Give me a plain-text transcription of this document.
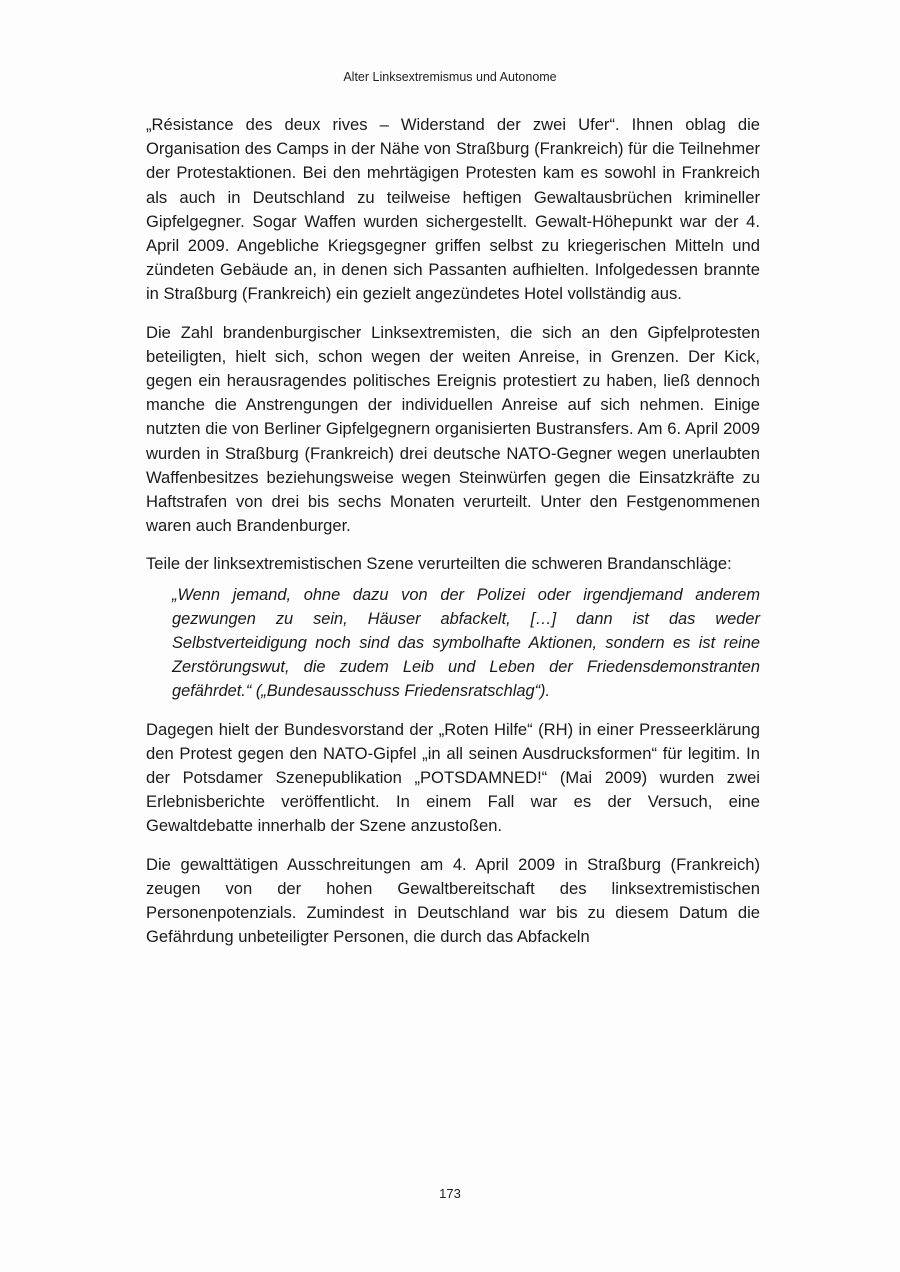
Alter Linksextremismus und Autonome

„Résistance des deux rives – Widerstand der zwei Ufer“. Ihnen oblag die Organisation des Camps in der Nähe von Straßburg (Frankreich) für die Teilnehmer der Protestaktionen. Bei den mehrtägigen Protesten kam es sowohl in Frankreich als auch in Deutschland zu teilweise heftigen Gewaltausbrüchen krimineller Gipfelgegner. Sogar Waffen wurden sichergestellt. Gewalt-Höhepunkt war der 4. April 2009. Angebliche Kriegsgegner griffen selbst zu kriegerischen Mitteln und zündeten Gebäude an, in denen sich Passanten aufhielten. Infolgedessen brannte in Straßburg (Frankreich) ein gezielt angezündetes Hotel vollständig aus.

Die Zahl brandenburgischer Linksextremisten, die sich an den Gipfelprotesten beteiligten, hielt sich, schon wegen der weiten Anreise, in Grenzen. Der Kick, gegen ein herausragendes politisches Ereignis protestiert zu haben, ließ dennoch manche die Anstrengungen der individuellen Anreise auf sich nehmen. Einige nutzten die von Berliner Gipfelgegnern organisierten Bustransfers. Am 6. April 2009 wurden in Straßburg (Frankreich) drei deutsche NATO-Gegner wegen unerlaubten Waffenbesitzes beziehungsweise wegen Steinwürfen gegen die Einsatzkräfte zu Haftstrafen von drei bis sechs Monaten verurteilt. Unter den Festgenommenen waren auch Brandenburger.

Teile der linksextremistischen Szene verurteilten die schweren Brandanschläge:

„Wenn jemand, ohne dazu von der Polizei oder irgendjemand anderem gezwungen zu sein, Häuser abfackelt, […] dann ist das weder Selbstverteidigung noch sind das symbolhafte Aktionen, sondern es ist reine Zerstörungswut, die zudem Leib und Leben der Friedensdemonstranten gefährdet.“ („Bundesausschuss Friedensratschlag“).

Dagegen hielt der Bundesvorstand der „Roten Hilfe“ (RH) in einer Presseerklärung den Protest gegen den NATO-Gipfel „in all seinen Ausdrucksformen“ für legitim. In der Potsdamer Szenepublikation „POTSDAMNED!“ (Mai 2009) wurden zwei Erlebnisberichte veröffentlicht. In einem Fall war es der Versuch, eine Gewaltdebatte innerhalb der Szene anzustoßen.

Die gewalttätigen Ausschreitungen am 4. April 2009 in Straßburg (Frankreich) zeugen von der hohen Gewaltbereitschaft des linksextremistischen Personenpotenzials. Zumindest in Deutschland war bis zu diesem Datum die Gefährdung unbeteiligter Personen, die durch das Abfackeln

173
